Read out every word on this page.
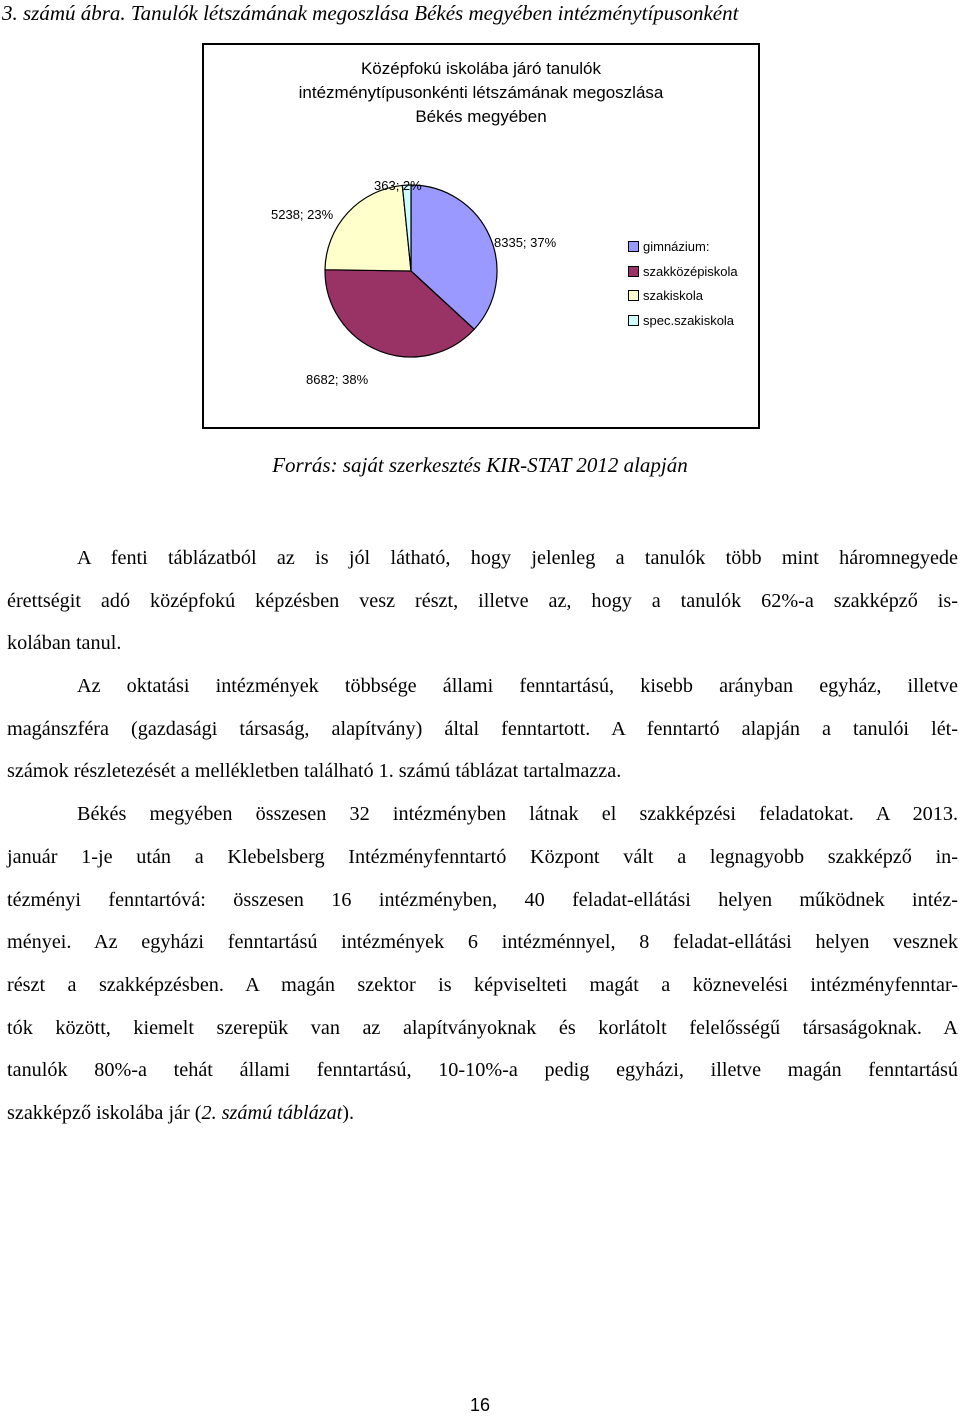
3. számú ábra. Tanulók létszámának megoszlása Békés megyében intézménytípusonként
Középfokú iskolába járó tanulók
intézménytípusonkénti létszámának megoszlása
Békés megyében
8335; 37%
8682; 38%
5238; 23%
363; 2%
gimnázium:
szakközépiskola
szakiskola
spec.szakiskola
Forrás: saját szerkesztés KIR-STAT 2012 alapján
A fenti táblázatból az is jól látható, hogy jelenleg a tanulók több mint háromnegyede
érettségit adó középfokú képzésben vesz részt, illetve az, hogy a tanulók 62%-a szakképző is-
kolában tanul.
Az oktatási intézmények többsége állami fenntartású, kisebb arányban egyház, illetve
magánszféra (gazdasági társaság, alapítvány) által fenntartott. A fenntartó alapján a tanulói lét-
számok részletezését a mellékletben található 1. számú táblázat tartalmazza.
Békés megyében összesen 32 intézményben látnak el szakképzési feladatokat. A 2013.
január 1-je után a Klebelsberg Intézményfenntartó Központ vált a legnagyobb szakképző in-
tézményi fenntartóvá: összesen 16 intézményben, 40 feladat-ellátási helyen működnek intéz-
ményei. Az egyházi fenntartású intézmények 6 intézménnyel, 8 feladat-ellátási helyen vesznek
részt a szakképzésben. A magán szektor is képviselteti magát a köznevelési intézményfenntar-
tók között, kiemelt szerepük van az alapítványoknak és korlátolt felelősségű társaságoknak. A
tanulók 80%-a tehát állami fenntartású, 10-10%-a pedig egyházi, illetve magán fenntartású
szakképző iskolába jár (2. számú táblázat).
16
